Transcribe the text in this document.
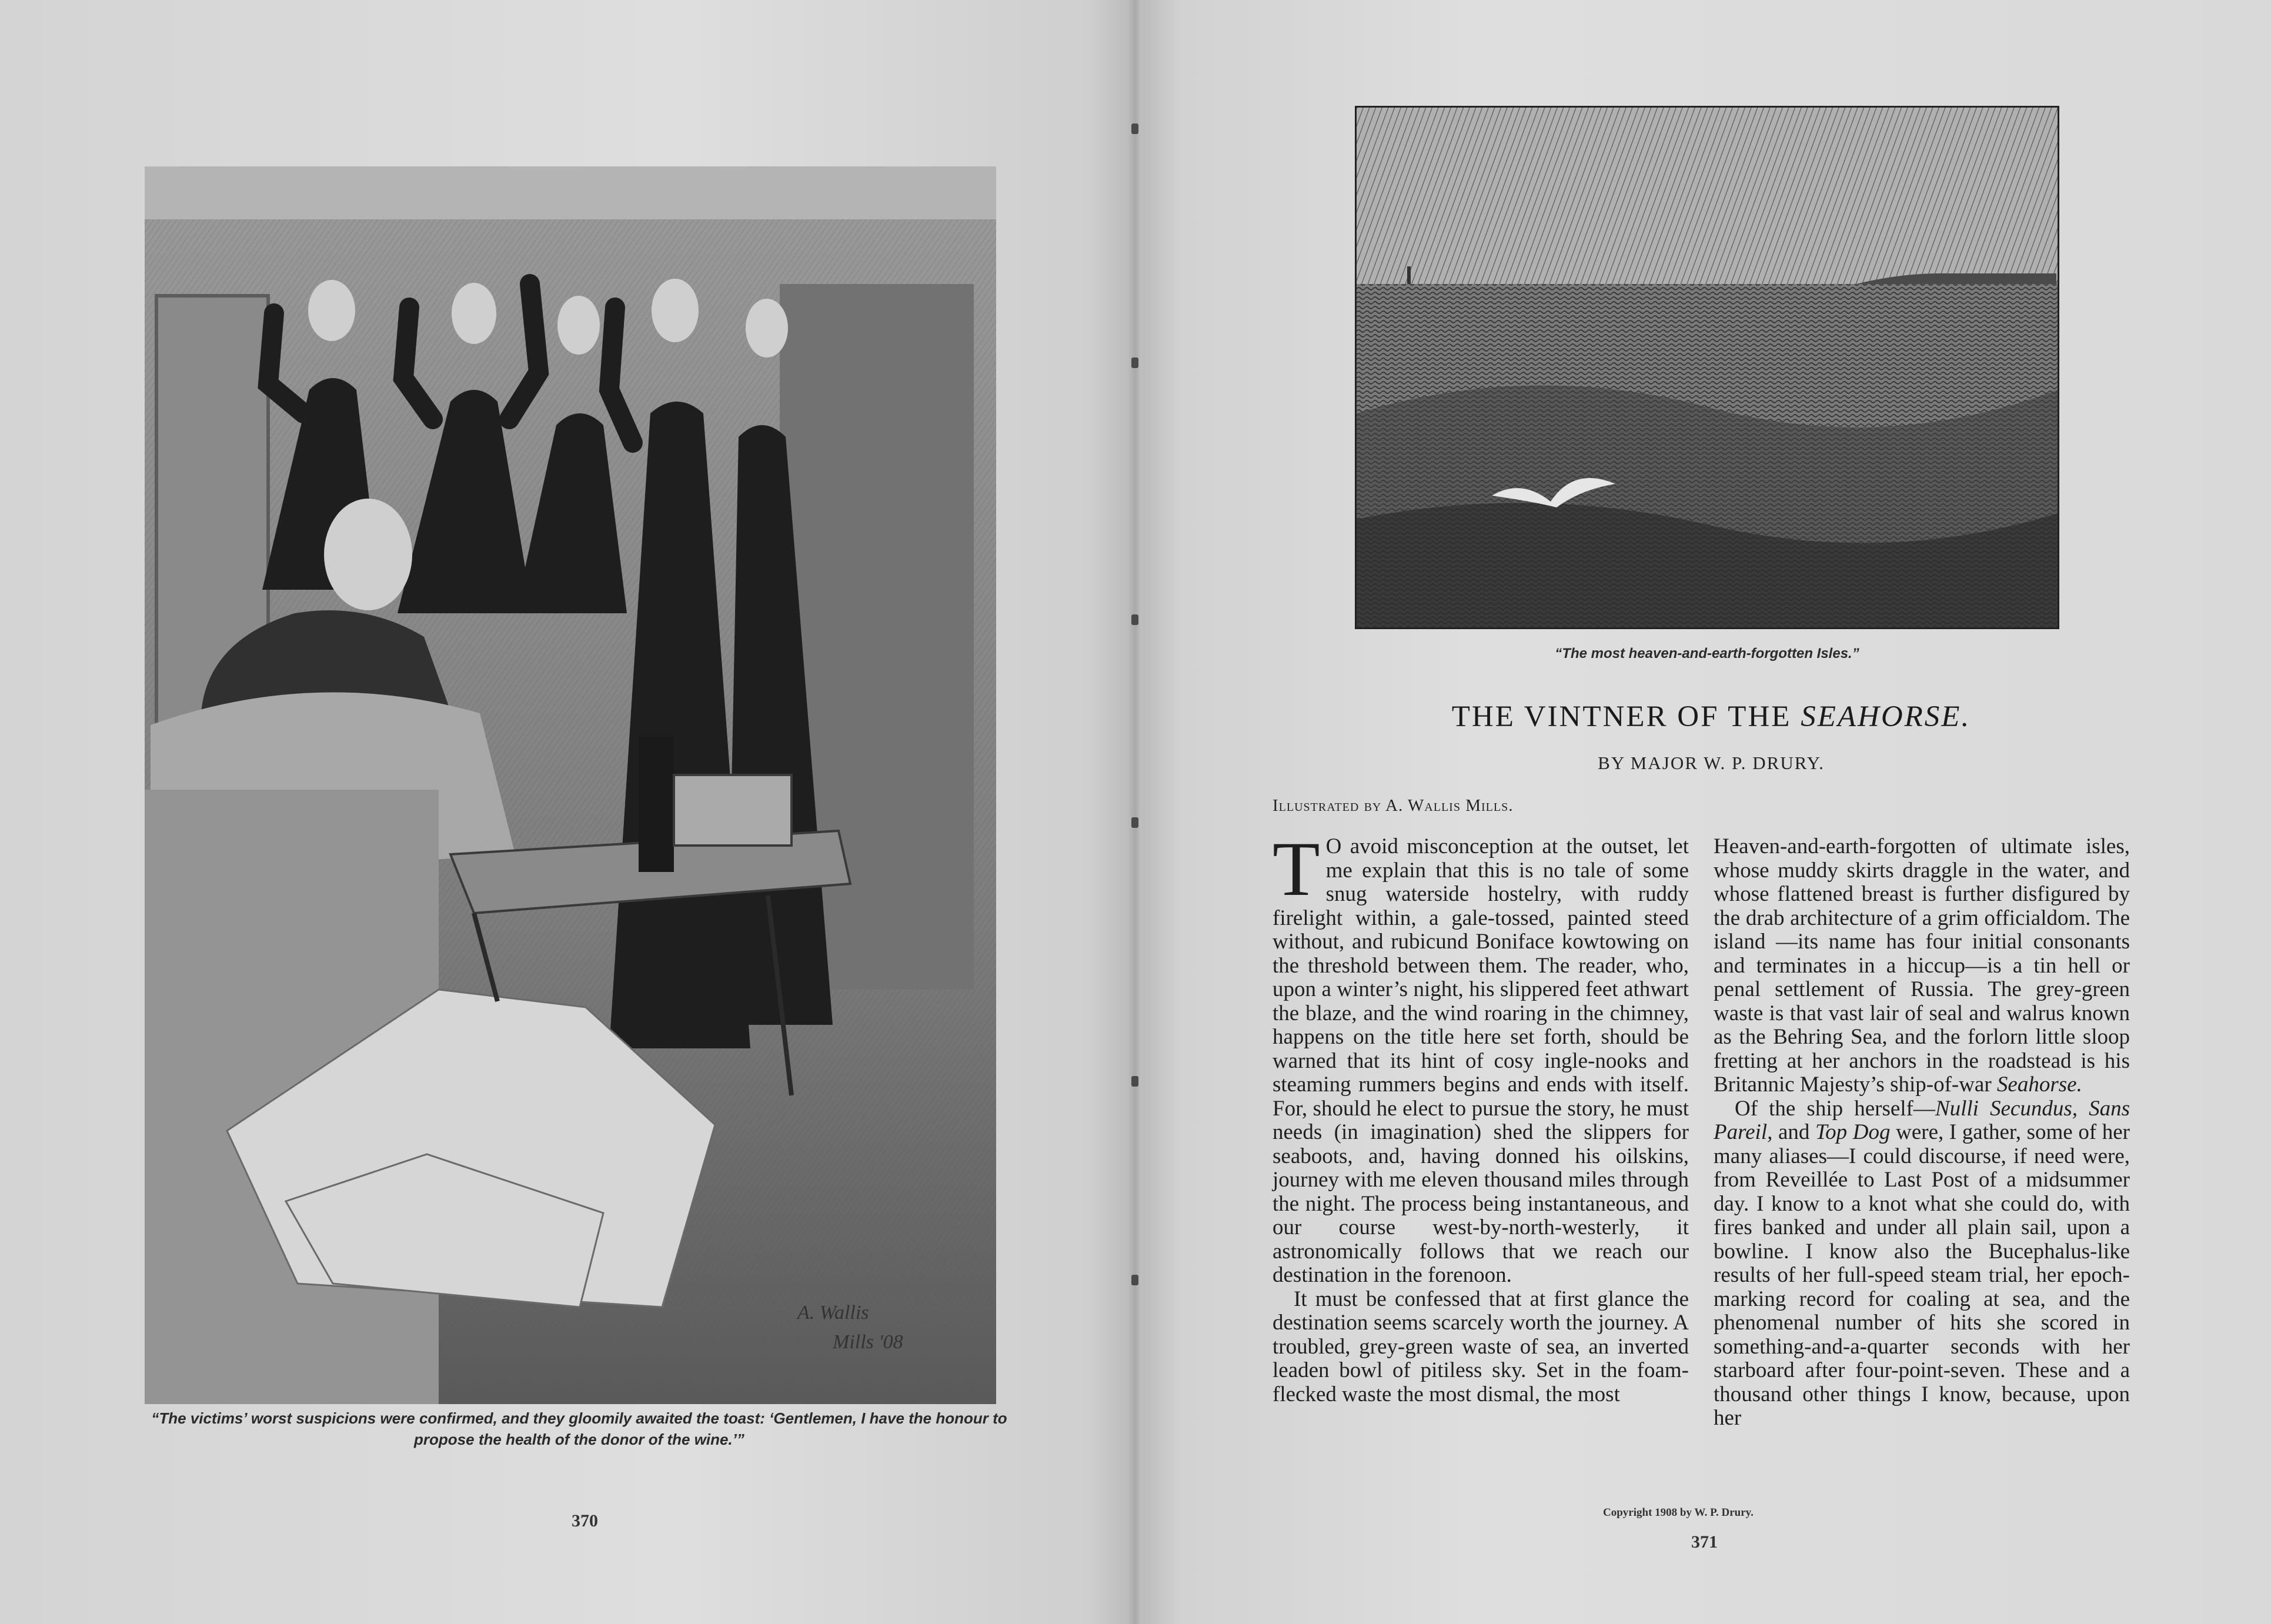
A. Wallis
Mills '08
“The victims’ worst suspicions were confirmed, and they gloomily awaited the toast: ‘Gentlemen, I have the honour to propose the health of the donor of the wine.’”
370
“The most heaven-and-earth-forgotten Isles.”
THE VINTNER OF THE SEAHORSE.
BY MAJOR W. P. DRURY.
Illustrated by A. Wallis Mills.

T O avoid misconception at the outset, let me explain that this is no tale of some snug waterside hostelry, with ruddy firelight within, a gale-tossed, painted steed without, and rubicund Boniface kowtowing on the threshold between them. The reader, who, upon a winter’s night, his slippered feet athwart the blaze, and the wind roaring in the chimney, happens on the title here set forth, should be warned that its hint of cosy ingle-nooks and steaming rummers begins and ends with itself. For, should he elect to pursue the story, he must needs (in imagination) shed the slippers for seaboots, and, having donned his oilskins, journey with me eleven thousand miles through the night. The process being instantaneous, and our course west-by-north-westerly, it astronomically follows that we reach our destination in the forenoon.

It must be confessed that at first glance the destination seems scarcely worth the journey. A troubled, grey-green waste of sea, an inverted leaden bowl of pitiless sky. Set in the foam-flecked waste the most dismal, the most

Heaven-and-earth-forgotten of ultimate isles, whose muddy skirts draggle in the water, and whose flattened breast is further disfigured by the drab architecture of a grim officialdom. The island —its name has four initial consonants and terminates in a hiccup—is a tin hell or penal settlement of Russia. The grey-green waste is that vast lair of seal and walrus known as the Behring Sea, and the forlorn little sloop fretting at her anchors in the roadstead is his Britannic Majesty’s ship-of-war Seahorse.

Of the ship herself—Nulli Secundus, Sans Pareil, and Top Dog were, I gather, some of her many aliases—I could discourse, if need were, from Reveillée to Last Post of a midsummer day. I know to a knot what she could do, with fires banked and under all plain sail, upon a bowline. I know also the Bucephalus-like results of her full-speed steam trial, her epoch-marking record for coaling at sea, and the phenomenal number of hits she scored in something-and-a-quarter seconds with her starboard after four-point-seven. These and a thousand other things I know, because, upon her

Copyright 1908 by W. P. Drury.
371
